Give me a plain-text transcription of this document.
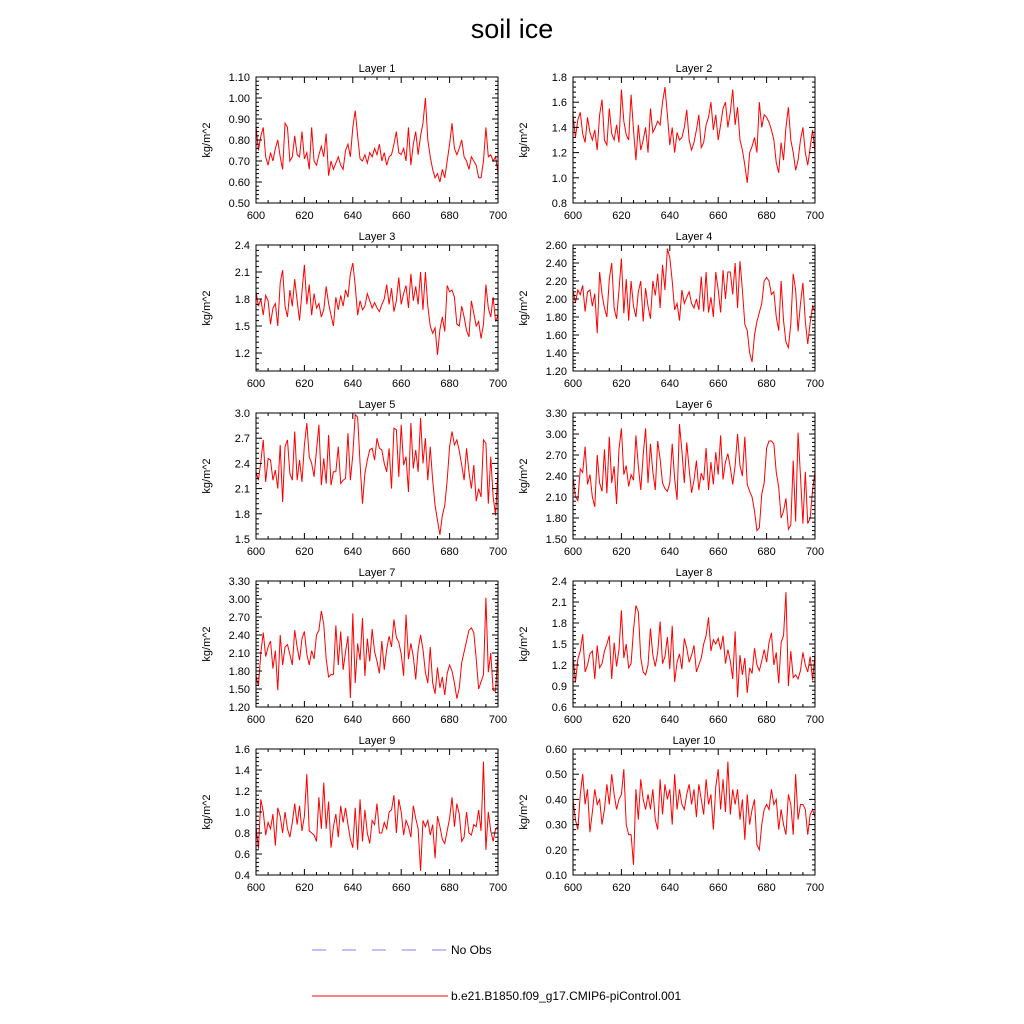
soil ice
Layer 1
kg/m^2
600	620	640	660	680	700
0.50
0.60
0.70
0.80
0.90
1.00
1.10
Layer 2
kg/m^2
600	620	640	660	680	700
0.8
1.0
1.2
1.4
1.6
1.8
Layer 3
kg/m^2
600	620	640	660	680	700
1.2
1.5
1.8
2.1
2.4
Layer 4
kg/m^2
600	620	640	660	680	700
1.20
1.40
1.60
1.80
2.00
2.20
2.40
2.60
Layer 5
kg/m^2
600	620	640	660	680	700
1.5
1.8
2.1
2.4
2.7
3.0
Layer 6
kg/m^2
600	620	640	660	680	700
1.50
1.80
2.10
2.40
2.70
3.00
3.30
Layer 7
kg/m^2
600	620	640	660	680	700
1.20
1.50
1.80
2.10
2.40
2.70
3.00
3.30
Layer 8
kg/m^2
600	620	640	660	680	700
0.6
0.9
1.2
1.5
1.8
2.1
2.4
Layer 9
kg/m^2
600	620	640	660	680	700
0.4
0.6
0.8
1.0
1.2
1.4
1.6
Layer 10
kg/m^2
600	620	640	660	680	700
0.10
0.20
0.30
0.40
0.50
0.60
No Obs
b.e21.B1850.f09_g17.CMIP6-piControl.001
